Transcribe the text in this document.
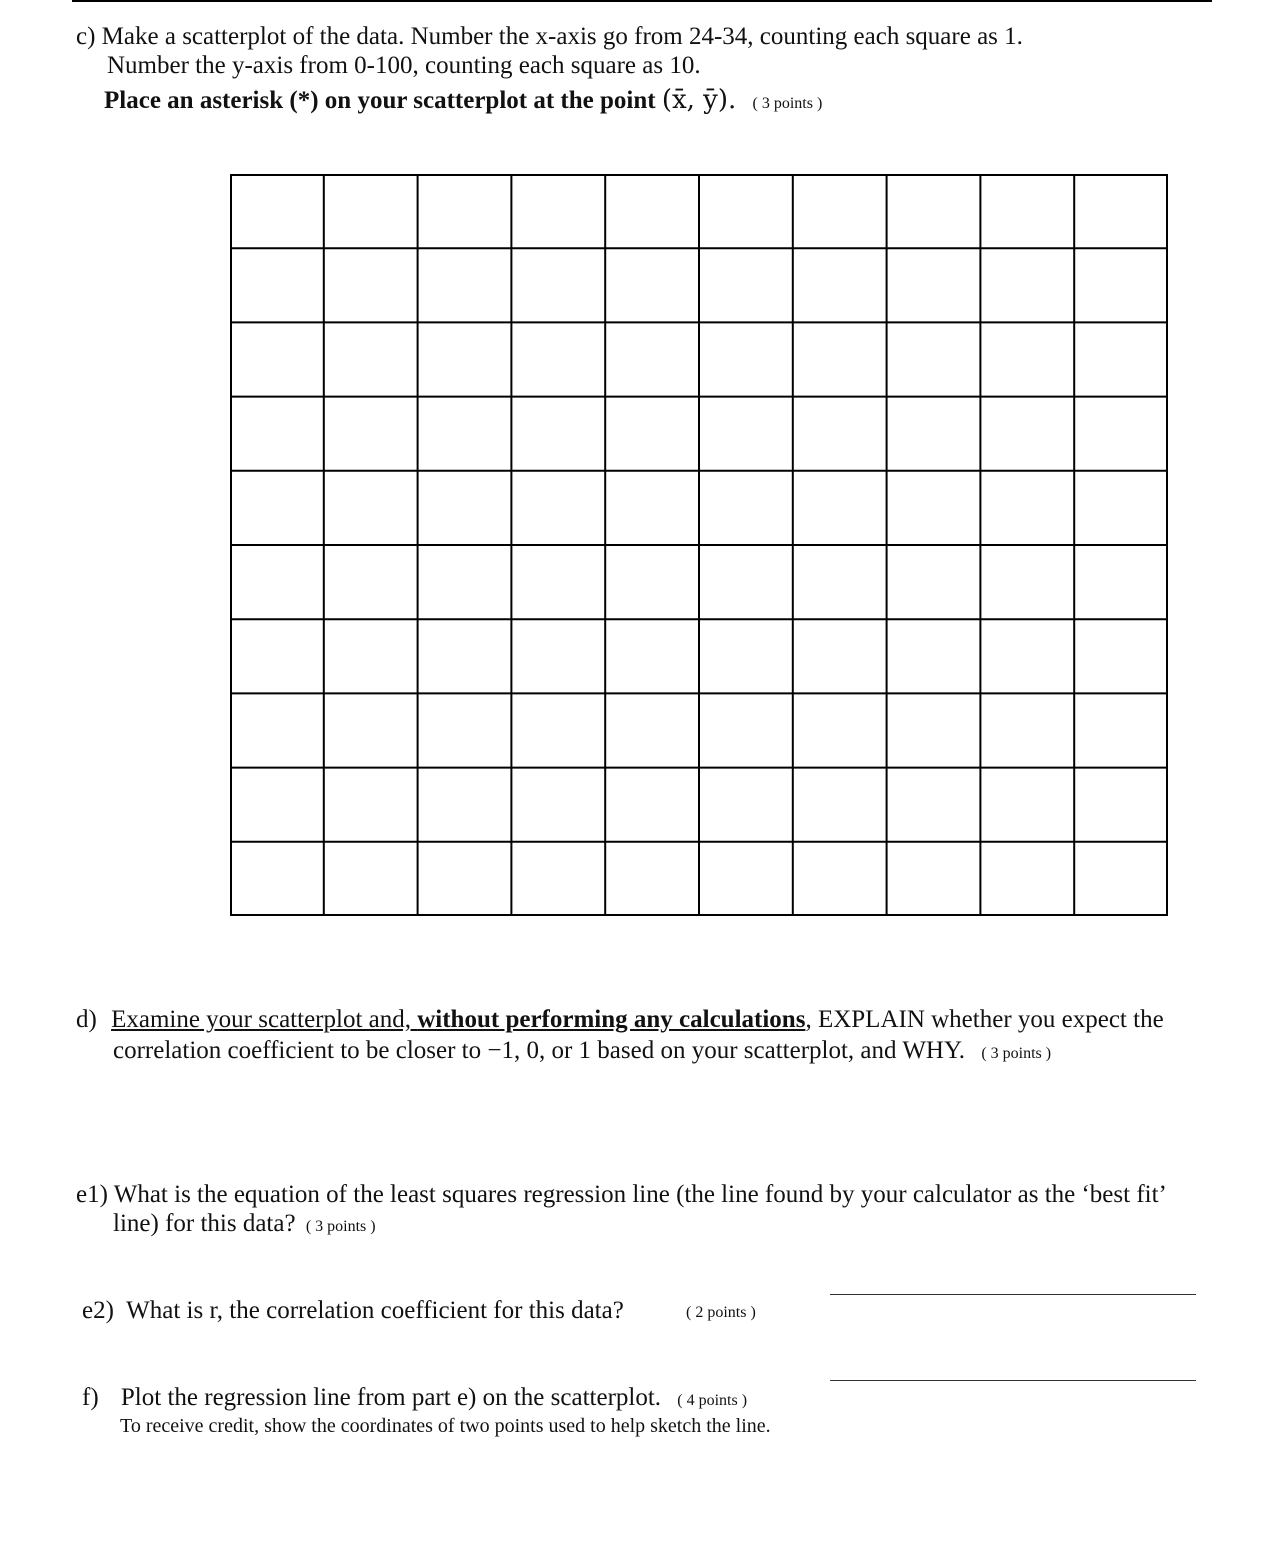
c) Make a scatterplot of the data. Number the x-axis go from 24-34, counting each square as 1.
Number the y-axis from 0-100, counting each square as 10.
Place an asterisk (*) on your scatterplot at the point (x̄, ȳ). ( 3 points )
d) Examine your scatterplot and, without performing any calculations, EXPLAIN whether you expect the
correlation coefficient to be closer to −1, 0, or 1 based on your scatterplot, and WHY. ( 3 points )
e1) What is the equation of the least squares regression line (the line found by your calculator as the ‘best fit’
line) for this data? ( 3 points )
e2) What is r, the correlation coefficient for this data?	( 2 points )
f) Plot the regression line from part e) on the scatterplot. ( 4 points )
To receive credit, show the coordinates of two points used to help sketch the line.
